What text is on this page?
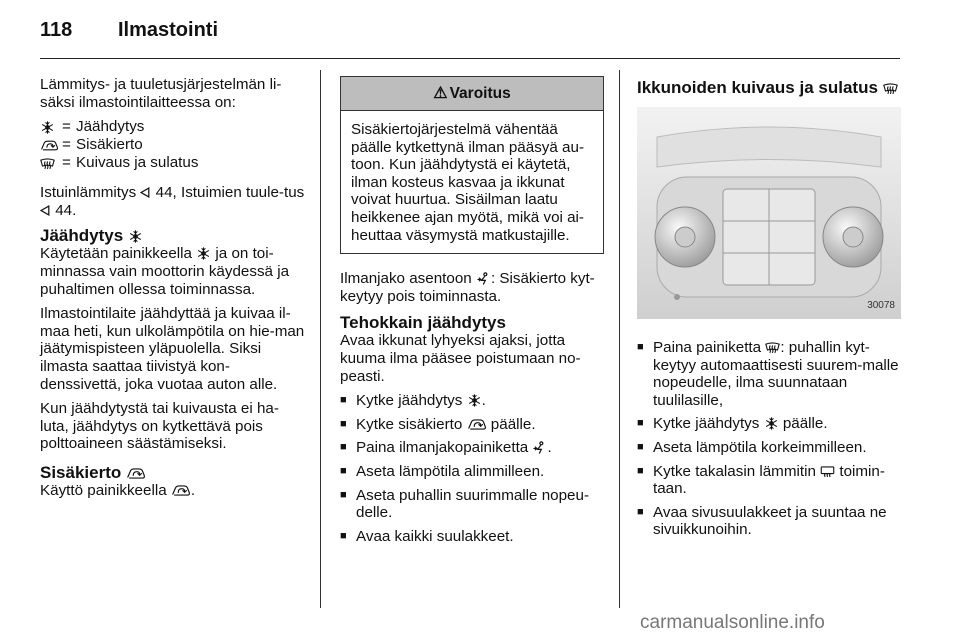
118 Ilmastointi

Lämmitys- ja tuuletusjärjestelmän li-säksi ilmastointilaitteessa on:

= Jäähdytys
= Sisäkierto
= Kuivaus ja sulatus

Istuinlämmitys  44, Istuimien tuule-tus  44.

Jäähdytys

Käytetään painikkeella  ja on toi-minnassa vain moottorin käydessä ja puhaltimen ollessa toiminnassa.

Ilmastointilaite jäähdyttää ja kuivaa il-maa heti, kun ulkolämpötila on hie-man jäätymispisteen yläpuolella. Siksi ilmasta saattaa tiivistyä kon-denssivettä, joka vuotaa auton alle.

Kun jäähdytystä tai kuivausta ei ha-luta, jäähdytys on kytkettävä pois polttoaineen säästämiseksi.

Sisäkierto

Käyttö painikkeella .

⚠ Varoitus
Sisäkiertojärjestelmä vähentää päälle kytkettynä ilman pääsyä au-toon. Kun jäähdytystä ei käytetä, ilman kosteus kasvaa ja ikkunat voivat huurtua. Sisäilman laatu heikkenee ajan myötä, mikä voi ai-heuttaa väsymystä matkustajille.

Ilmanjako asentoon : Sisäkierto kyt-keytyy pois toiminnasta.

Tehokkain jäähdytys

Avaa ikkunat lyhyeksi ajaksi, jotta kuuma ilma pääsee poistumaan no-peasti.

■ Kytke jäähdytys .
■ Kytke sisäkierto  päälle.
■ Paina ilmanjakopainiketta .
■ Aseta lämpötila alimmilleen.
■ Aseta puhallin suurimmalle nopeu-delle.
■ Avaa kaikki suulakkeet.
Ikkunoiden kuivaus ja sulatus
30078
■ Paina painiketta : puhallin kyt-keytyy automaattisesti suurem-malle nopeudelle, ilma suunnataan tuulilasille,
■ Kytke jäähdytys  päälle.
■ Aseta lämpötila korkeimmilleen.
■ Kytke takalasin lämmitin  toimin-taan.
■ Avaa sivusuulakkeet ja suuntaa ne sivuikkunoihin.
carmanualsonline.info
